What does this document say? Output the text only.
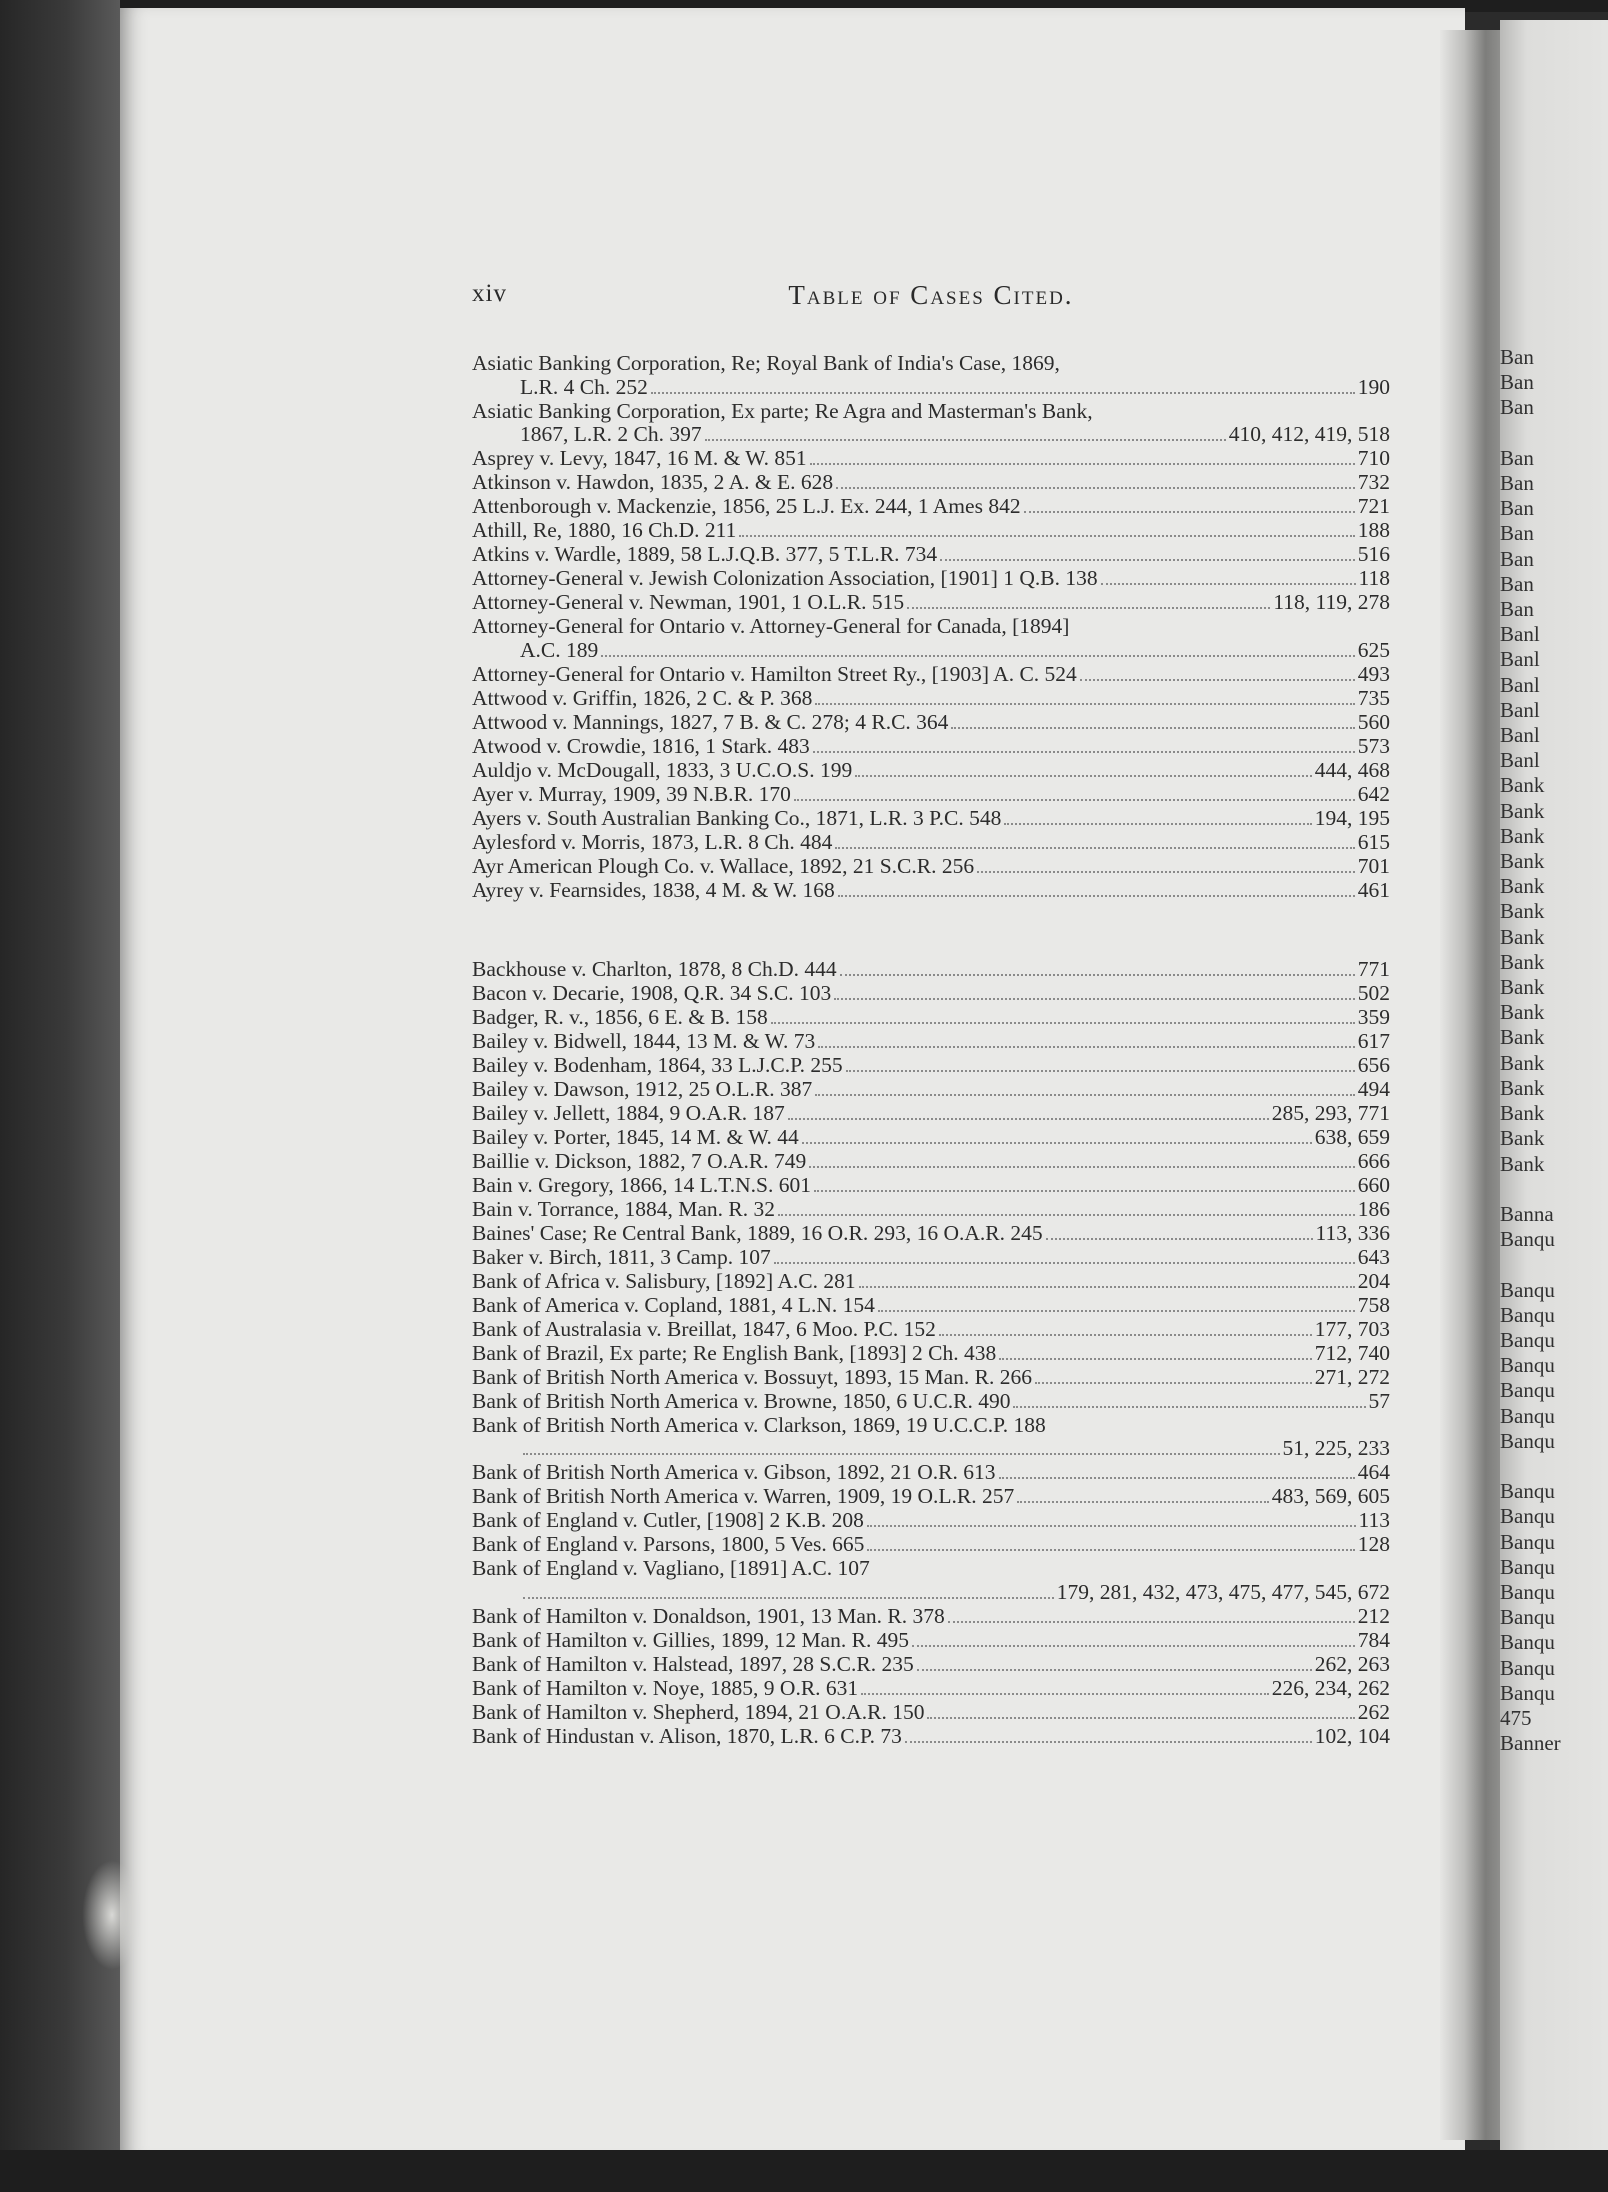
Ban
Ban
Ban

Ban
Ban
Ban
Ban
Ban
Ban
Ban
Banl
Banl
Banl
Banl
Banl
Banl
Bank
Bank
Bank
Bank
Bank
Bank
Bank
Bank
Bank
Bank
Bank
Bank
Bank
Bank
Bank
Bank

Banna
Banqu

Banqu
Banqu
Banqu
Banqu
Banqu
Banqu
Banqu

Banqu
Banqu
Banqu
Banqu
Banqu
Banqu
Banqu
Banqu
Banqu
475
Banner
xiv	Table of Cases Cited.
Asiatic Banking Corporation, Re; Royal Bank of India's Case, 1869,
L.R. 4 Ch. 252	190
Asiatic Banking Corporation, Ex parte; Re Agra and Masterman's Bank,
1867, L.R. 2 Ch. 397	410, 412, 419, 518
Asprey v. Levy, 1847, 16 M. & W. 851	710
Atkinson v. Hawdon, 1835, 2 A. & E. 628	732
Attenborough v. Mackenzie, 1856, 25 L.J. Ex. 244, 1 Ames 842	721
Athill, Re, 1880, 16 Ch.D. 211	188
Atkins v. Wardle, 1889, 58 L.J.Q.B. 377, 5 T.L.R. 734	516
Attorney-General v. Jewish Colonization Association, [1901] 1 Q.B. 138	118
Attorney-General v. Newman, 1901, 1 O.L.R. 515	118, 119, 278
Attorney-General for Ontario v. Attorney-General for Canada, [1894]
A.C. 189	625
Attorney-General for Ontario v. Hamilton Street Ry., [1903] A. C. 524	493
Attwood v. Griffin, 1826, 2 C. & P. 368	735
Attwood v. Mannings, 1827, 7 B. & C. 278; 4 R.C. 364	560
Atwood v. Crowdie, 1816, 1 Stark. 483	573
Auldjo v. McDougall, 1833, 3 U.C.O.S. 199	444, 468
Ayer v. Murray, 1909, 39 N.B.R. 170	642
Ayers v. South Australian Banking Co., 1871, L.R. 3 P.C. 548	194, 195
Aylesford v. Morris, 1873, L.R. 8 Ch. 484	615
Ayr American Plough Co. v. Wallace, 1892, 21 S.C.R. 256	701
Ayrey v. Fearnsides, 1838, 4 M. & W. 168	461
Backhouse v. Charlton, 1878, 8 Ch.D. 444	771
Bacon v. Decarie, 1908, Q.R. 34 S.C. 103	502
Badger, R. v., 1856, 6 E. & B. 158	359
Bailey v. Bidwell, 1844, 13 M. & W. 73	617
Bailey v. Bodenham, 1864, 33 L.J.C.P. 255	656
Bailey v. Dawson, 1912, 25 O.L.R. 387	494
Bailey v. Jellett, 1884, 9 O.A.R. 187	285, 293, 771
Bailey v. Porter, 1845, 14 M. & W. 44	638, 659
Baillie v. Dickson, 1882, 7 O.A.R. 749	666
Bain v. Gregory, 1866, 14 L.T.N.S. 601	660
Bain v. Torrance, 1884, Man. R. 32	186
Baines' Case; Re Central Bank, 1889, 16 O.R. 293, 16 O.A.R. 245	113, 336
Baker v. Birch, 1811, 3 Camp. 107	643
Bank of Africa v. Salisbury, [1892] A.C. 281	204
Bank of America v. Copland, 1881, 4 L.N. 154	758
Bank of Australasia v. Breillat, 1847, 6 Moo. P.C. 152	177, 703
Bank of Brazil, Ex parte; Re English Bank, [1893] 2 Ch. 438	712, 740
Bank of British North America v. Bossuyt, 1893, 15 Man. R. 266	271, 272
Bank of British North America v. Browne, 1850, 6 U.C.R. 490	57
Bank of British North America v. Clarkson, 1869, 19 U.C.C.P. 188
51, 225, 233
Bank of British North America v. Gibson, 1892, 21 O.R. 613	464
Bank of British North America v. Warren, 1909, 19 O.L.R. 257	483, 569, 605
Bank of England v. Cutler, [1908] 2 K.B. 208	113
Bank of England v. Parsons, 1800, 5 Ves. 665	128
Bank of England v. Vagliano, [1891] A.C. 107
179, 281, 432, 473, 475, 477, 545, 672
Bank of Hamilton v. Donaldson, 1901, 13 Man. R. 378	212
Bank of Hamilton v. Gillies, 1899, 12 Man. R. 495	784
Bank of Hamilton v. Halstead, 1897, 28 S.C.R. 235	262, 263
Bank of Hamilton v. Noye, 1885, 9 O.R. 631	226, 234, 262
Bank of Hamilton v. Shepherd, 1894, 21 O.A.R. 150	262
Bank of Hindustan v. Alison, 1870, L.R. 6 C.P. 73	102, 104
